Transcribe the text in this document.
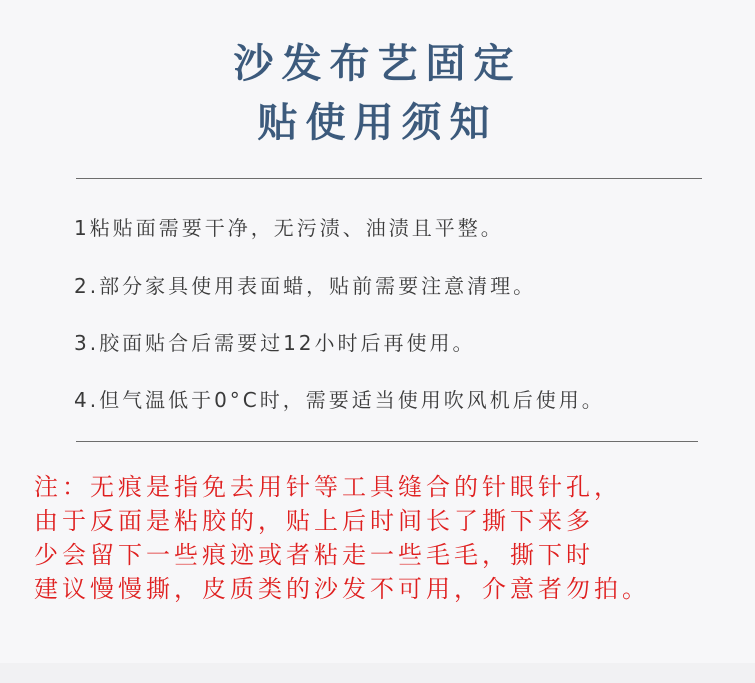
沙发布艺固定
贴使用须知
1粘贴面需要干净，无污渍、油渍且平整。
2.部分家具使用表面蜡，贴前需要注意清理。
3.胶面贴合后需要过12小时后再使用。
4.但气温低于0°C时，需要适当使用吹风机后使用。
注：无痕是指免去用针等工具缝合的针眼针孔，
由于反面是粘胶的，贴上后时间长了撕下来多
少会留下一些痕迹或者粘走一些毛毛，撕下时
建议慢慢撕，皮质类的沙发不可用，介意者勿拍。
